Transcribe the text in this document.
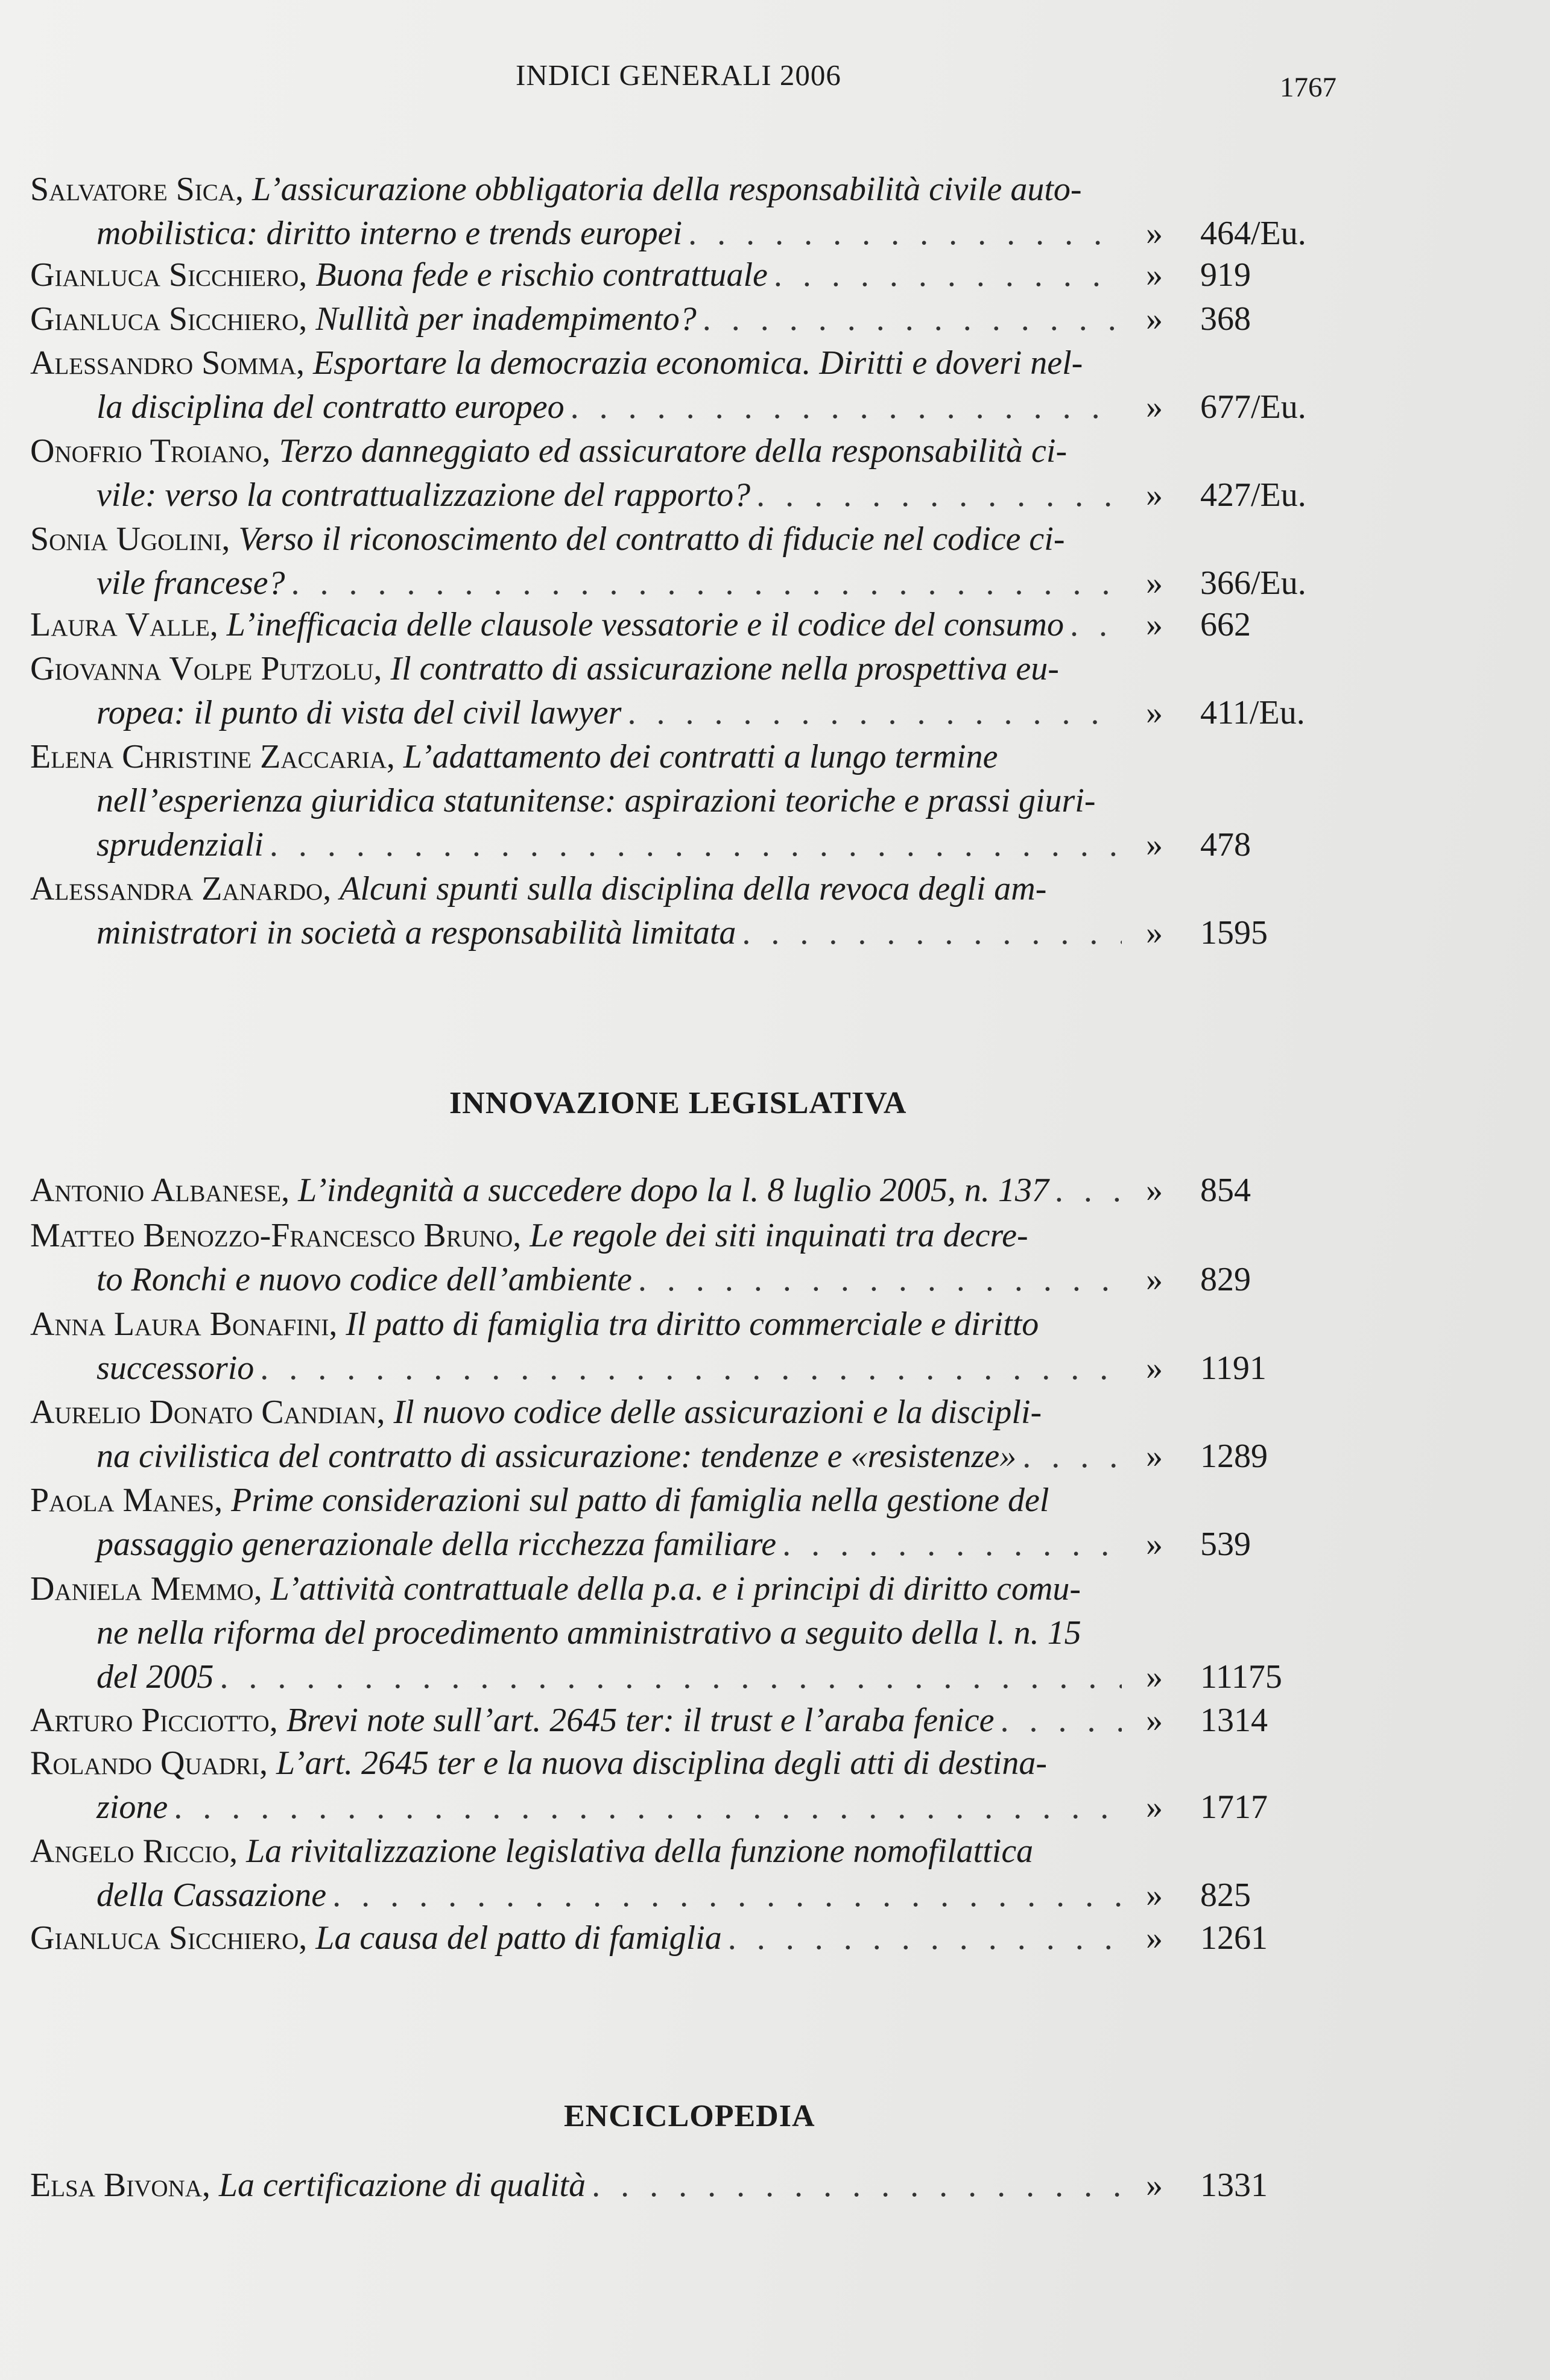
INDICI GENERALI 2006	1767
Salvatore Sica, L’assicurazione obbligatoria della responsabilità civile auto-
mobilistica: diritto interno e trends europei . . .	»	464/Eu.
Gianluca Sicchiero, Buona fede e rischio contrattuale . . .	»	919
Gianluca Sicchiero, Nullità per inadempimento? . . .	»	368
Alessandro Somma, Esportare la democrazia economica. Diritti e doveri nel-
la disciplina del contratto europeo . . .	»	677/Eu.
Onofrio Troiano, Terzo danneggiato ed assicuratore della responsabilità ci-
vile: verso la contrattualizzazione del rapporto? . . .	»	427/Eu.
Sonia Ugolini, Verso il riconoscimento del contratto di fiducie nel codice ci-
vile francese? . . .	»	366/Eu.
Laura Valle, L’inefficacia delle clausole vessatorie e il codice del consumo . . . »	662
Giovanna Volpe Putzolu, Il contratto di assicurazione nella prospettiva eu-
ropea: il punto di vista del civil lawyer . . .	»	411/Eu.
Elena Christine Zaccaria, L’adattamento dei contratti a lungo termine
nell’esperienza giuridica statunitense: aspirazioni teoriche e prassi giuri-
sprudenziali . . .	»	478
Alessandra Zanardo, Alcuni spunti sulla disciplina della revoca degli am-
ministratori in società a responsabilità limitata . . .	»	1595
INNOVAZIONE LEGISLATIVA
Antonio Albanese, L’indegnità a succedere dopo la l. 8 luglio 2005, n. 137 . . .	»	854
Matteo Benozzo-Francesco Bruno, Le regole dei siti inquinati tra decre-
to Ronchi e nuovo codice dell’ambiente . . .	»	829
Anna Laura Bonafini, Il patto di famiglia tra diritto commerciale e diritto
successorio . . .	»	1191
Aurelio Donato Candian, Il nuovo codice delle assicurazioni e la discipli-
na civilistica del contratto di assicurazione: tendenze e «resistenze» . . .	»	1289
Paola Manes, Prime considerazioni sul patto di famiglia nella gestione del
passaggio generazionale della ricchezza familiare . . .	»	539
Daniela Memmo, L’attività contrattuale della p.a. e i principi di diritto comu-
ne nella riforma del procedimento amministrativo a seguito della l. n. 15
del 2005 . . .	»	11175
Arturo Picciotto, Brevi note sull’art. 2645 ter: il trust e l’araba fenice . . .	»	1314
Rolando Quadri, L’art. 2645 ter e la nuova disciplina degli atti di destina-
zione . . .	»	1717
Angelo Riccio, La rivitalizzazione legislativa della funzione nomofilattica
della Cassazione . . .	»	825
Gianluca Sicchiero, La causa del patto di famiglia . . .	»	1261
ENCICLOPEDIA
Elsa Bivona, La certificazione di qualità . . .	»	1331
